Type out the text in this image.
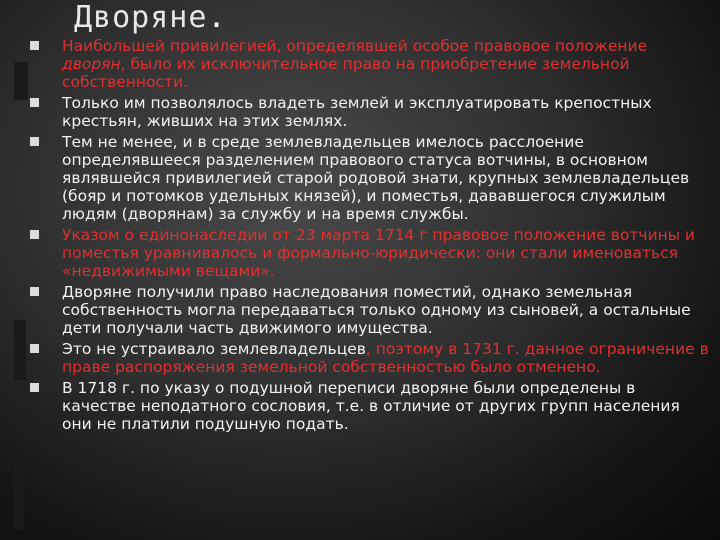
Дворяне.
Наибольшей привилегией, определявшей особое правовое положение дворян, было их исключительное право на приобретение земельной собственности.
Только им позволялось владеть землей и эксплуатировать крепостных крестьян, живших на этих землях.
Тем не менее, и в среде землевладельцев имелось расслоение определявшееся разделением правового статуса вотчины, в основном являвшейся привилегией старой родовой знати, крупных землевладельцев (бояр и потомков удельных князей), и поместья, дававшегося служилым людям (дворянам) за службу и на время службы.
Указом о единонаследии от 23 марта 1714 г правовое положение вотчины и поместья уравнивалось и формально-юридически: они стали именоваться «недвижимыми вещами».
Дворяне получили право наследования поместий, однако земельная собственность могла передаваться только одному из сыновей, а остальные дети получали часть движимого имущества.
Это не устраивало землевладельцев, поэтому в 1731 г. данное ограничение в праве распоряжения земельной собственностью было отменено.
В 1718 г. по указу о подушной переписи дворяне были определены в качестве неподатного сословия, т.е. в отличие от других групп населения они не платили подушную подать.
